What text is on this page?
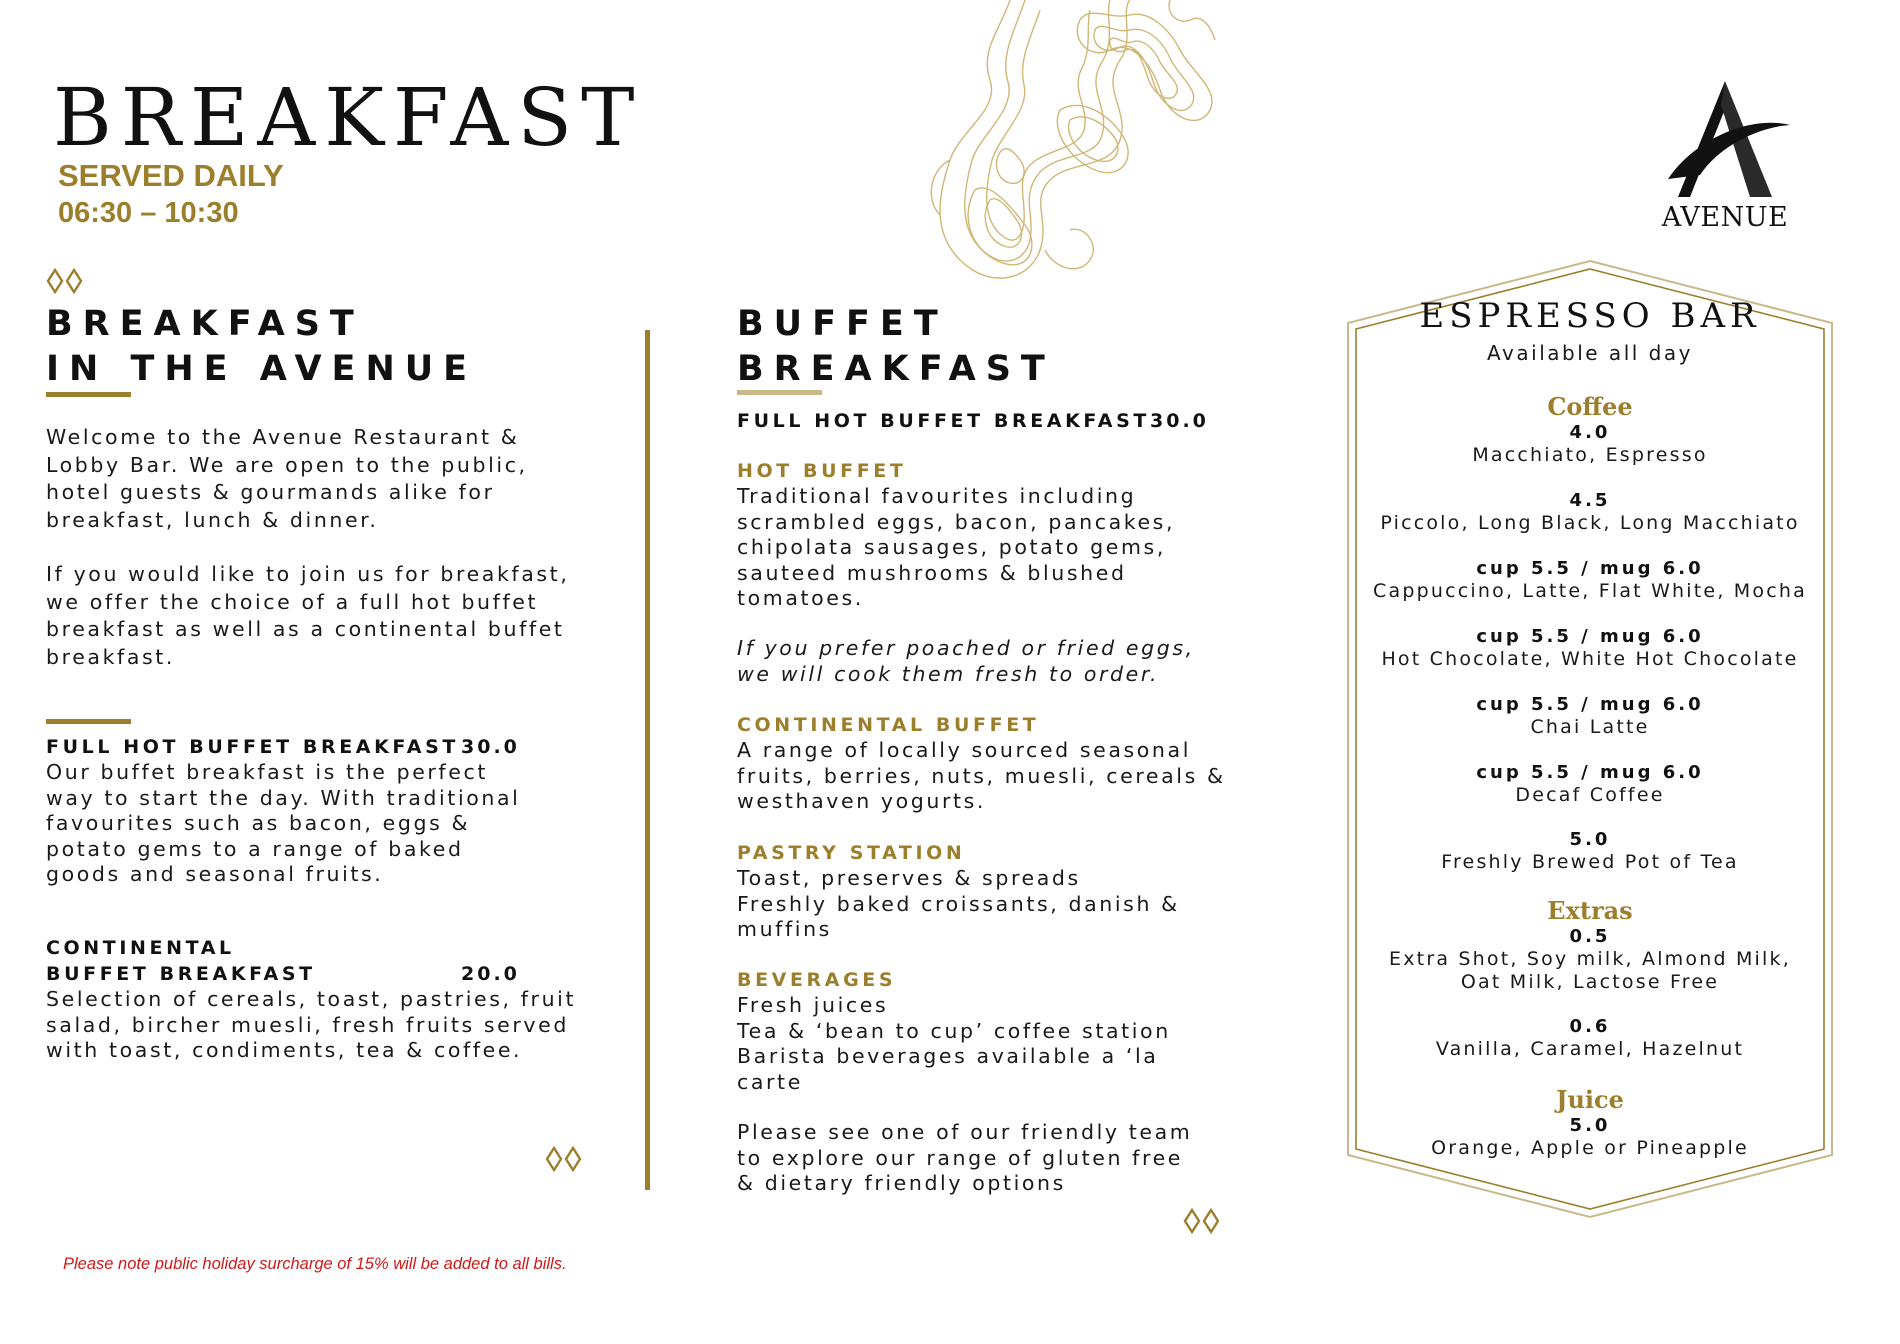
BREAKFAST
SERVED DAILY
06:30 – 10:30	AVENUE
BREAKFAST
IN THE AVENUE
Welcome to the Avenue Restaurant &
Lobby Bar. We are open to the public,
hotel guests & gourmands alike for
breakfast, lunch & dinner.
If you would like to join us for breakfast,
we offer the choice of a full hot buffet
breakfast as well as a continental buffet
breakfast.
FULL HOT BUFFET BREAKFAST 30.0
Our buffet breakfast is the perfect
way to start the day. With traditional
favourites such as bacon, eggs &
potato gems to a range of baked
goods and seasonal fruits.
CONTINENTAL
BUFFET BREAKFAST	20.0
Selection of cereals, toast, pastries, fruit
salad, bircher muesli, fresh fruits served
with toast, condiments, tea & coffee.
BUFFET
BREAKFAST
FULL HOT BUFFET BREAKFAST 30.0
HOT BUFFET
Traditional favourites including
scrambled eggs, bacon, pancakes,
chipolata sausages, potato gems,
sauteed mushrooms & blushed
tomatoes.
If you prefer poached or fried eggs,
we will cook them fresh to order.
CONTINENTAL BUFFET
A range of locally sourced seasonal
fruits, berries, nuts, muesli, cereals &
westhaven yogurts.
PASTRY STATION
Toast, preserves & spreads
Freshly baked croissants, danish &
muffins
BEVERAGES
Fresh juices
Tea & ‘bean to cup’ coffee station
Barista beverages available a ‘la
carte
Please see one of our friendly team
to explore our range of gluten free
& dietary friendly options
ESPRESSO BAR
Available all day
Coffee
4.0
Macchiato, Espresso
4.5
Piccolo, Long Black, Long Macchiato
cup 5.5 / mug 6.0
Cappuccino, Latte, Flat White, Mocha
cup 5.5 / mug 6.0
Hot Chocolate, White Hot Chocolate
cup 5.5 / mug 6.0
Chai Latte
cup 5.5 / mug 6.0
Decaf Coffee
5.0
Freshly Brewed Pot of Tea
Extras
0.5
Extra Shot, Soy milk, Almond Milk,
Oat Milk, Lactose Free
0.6
Vanilla, Caramel, Hazelnut
Juice
5.0
Orange, Apple or Pineapple
Please note public holiday surcharge of 15% will be added to all bills.
